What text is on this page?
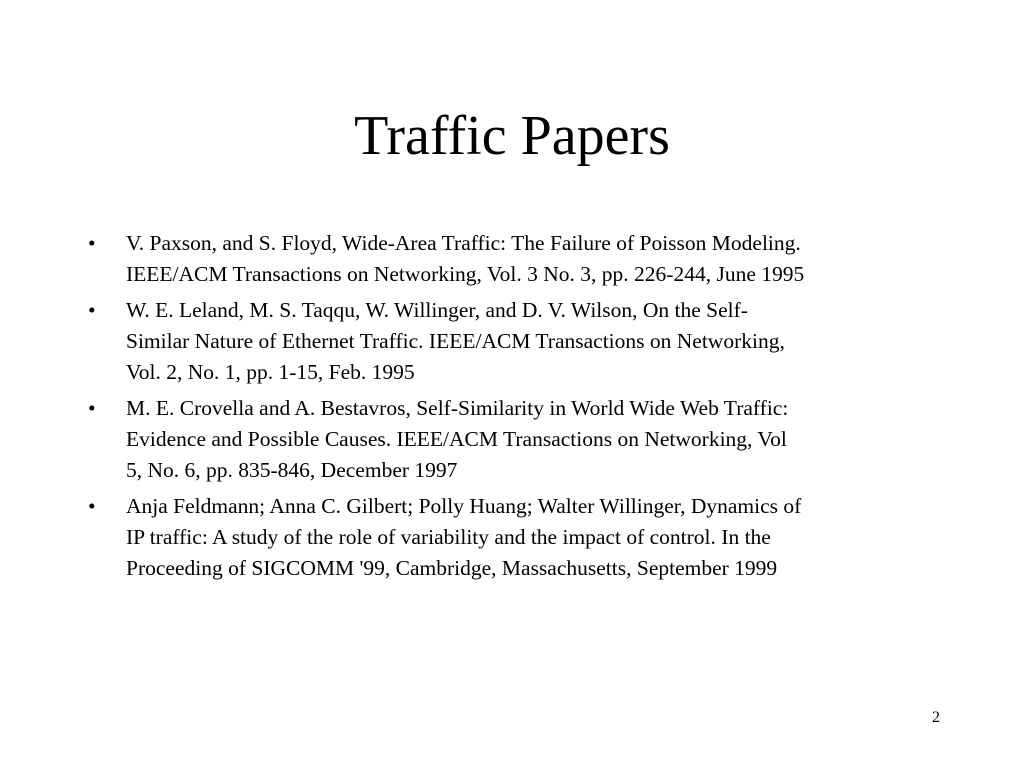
Traffic Papers
• V. Paxson, and S. Floyd, Wide-Area Traffic: The Failure of Poisson Modeling.
IEEE/ACM Transactions on Networking, Vol. 3 No. 3, pp. 226-244, June 1995
• W. E. Leland, M. S. Taqqu, W. Willinger, and D. V. Wilson, On the Self-
Similar Nature of Ethernet Traffic. IEEE/ACM Transactions on Networking,
Vol. 2, No. 1, pp. 1-15, Feb. 1995
• M. E. Crovella and A. Bestavros, Self-Similarity in World Wide Web Traffic:
Evidence and Possible Causes. IEEE/ACM Transactions on Networking, Vol
5, No. 6, pp. 835-846, December 1997
• Anja Feldmann; Anna C. Gilbert; Polly Huang; Walter Willinger, Dynamics of
IP traffic: A study of the role of variability and the impact of control. In the
Proceeding of SIGCOMM '99, Cambridge, Massachusetts, September 1999
2
